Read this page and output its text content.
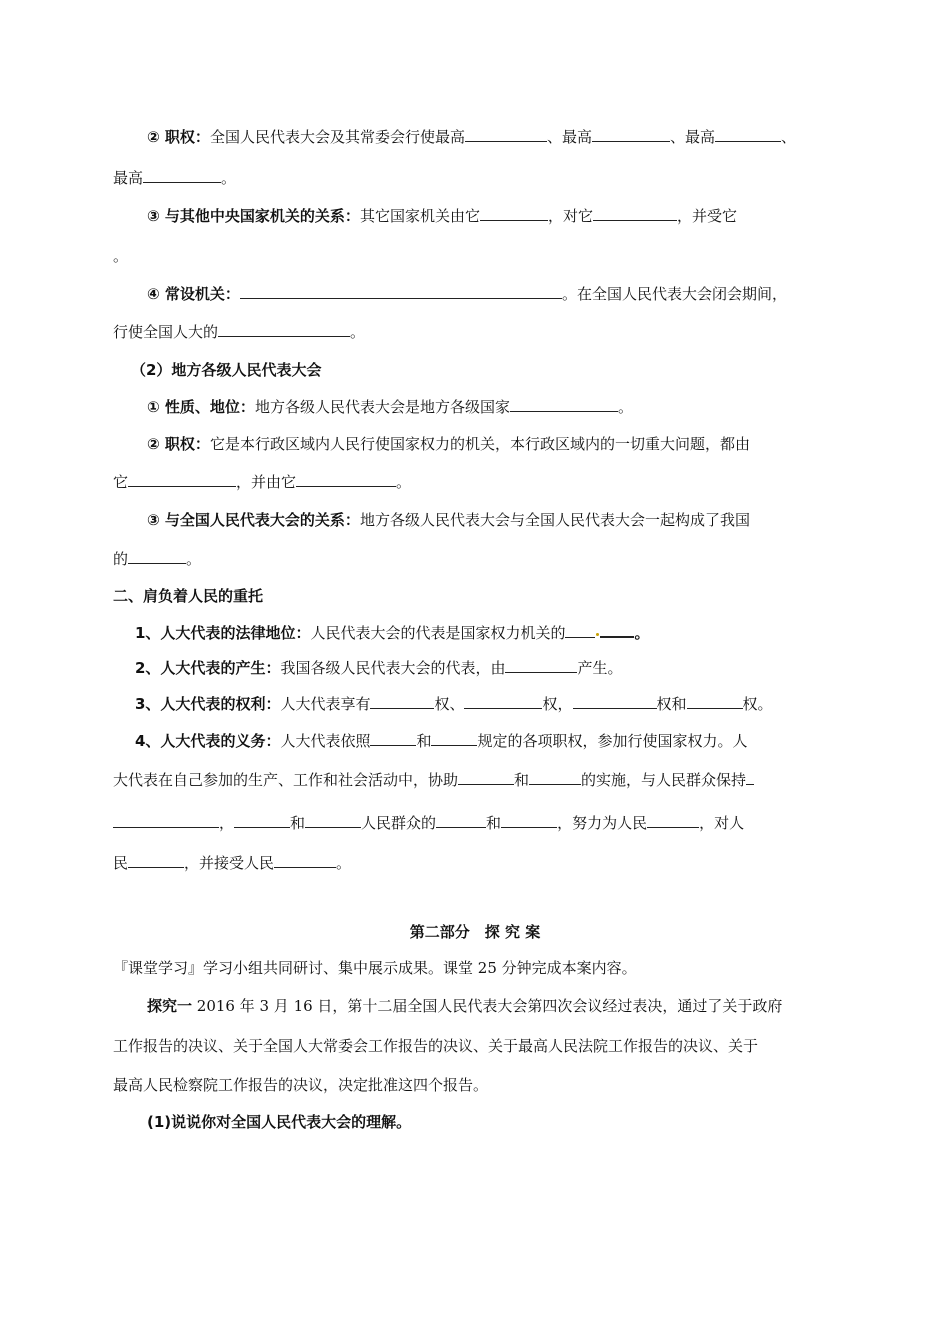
② 职权：全国人民代表大会及其常委会行使最高	、最高	、最高	、
最高	。
③ 与其他中央国家机关的关系：其它国家机关由它	，对它	，并受它
。
④ 常设机关：	。在全国人民代表大会闭会期间，
行使全国人大的	。
（2）地方各级人民代表大会
① 性质、地位：地方各级人民代表大会是地方各级国家	。
② 职权：它是本行政区域内人民行使国家权力的机关，本行政区域内的一切重大问题，都由
它	，并由它	。
③ 与全国人民代表大会的关系：地方各级人民代表大会与全国人民代表大会一起构成了我国
的	。
二、肩负着人民的重托
1、人大代表的法律地位：人民代表大会的代表是国家权力机关的	。
2、人大代表的产生：我国各级人民代表大会的代表，由	产生。
3、人大代表的权利：人大代表享有	权、	权，	权和	权。
4、人大代表的义务：人大代表依照	和	规定的各项职权，参加行使国家权力。人
大代表在自己参加的生产、工作和社会活动中，协助	和	的实施，与人民群众保持
，	和	人民群众的	和	，努力为人民	，对人
民	，并接受人民	。
第二部分　探 究 案
『课堂学习』学习小组共同研讨、集中展示成果。课堂 25 分钟完成本案内容。
探究一 2016 年 3 月 16 日，第十二届全国人民代表大会第四次会议经过表决，通过了关于政府
工作报告的决议、关于全国人大常委会工作报告的决议、关于最高人民法院工作报告的决议、关于
最高人民检察院工作报告的决议，决定批准这四个报告。
(1)说说你对全国人民代表大会的理解。
